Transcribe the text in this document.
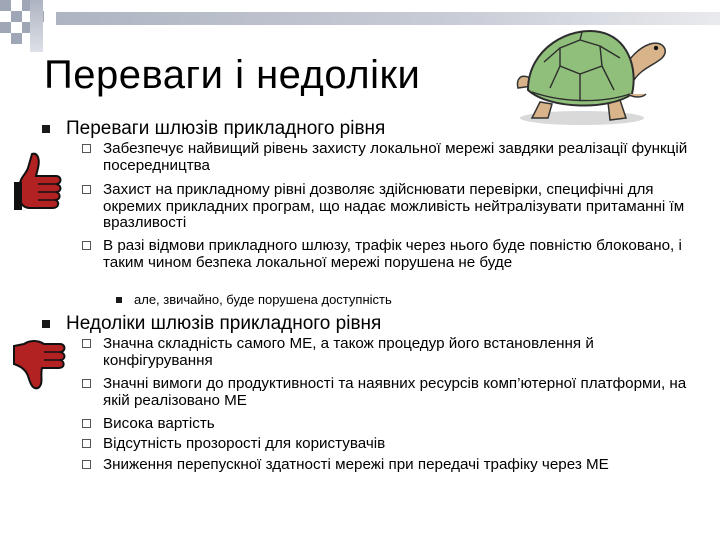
Переваги і недоліки
Переваги шлюзів прикладного рівня
Забезпечує найвищий рівень захисту локальної мережі завдяки реалізації функцій посередництва
Захист на прикладному рівні дозволяє здійснювати перевірки, специфічні для окремих прикладних програм, що надає можливість нейтралізувати притаманні їм вразливості
В разі відмови прикладного шлюзу, трафік через нього буде повністю блоковано, і таким чином безпека локальної мережі порушена не буде
але, звичайно, буде порушена доступність
Недоліки шлюзів прикладного рівня
Значна складність самого МЕ, а також процедур його встановлення й конфігурування
Значні вимоги до продуктивності та наявних ресурсів комп’ютерної платформи, на якій реалізовано МЕ
Висока вартість
Відсутність прозорості для користувачів
Зниження перепускної здатності мережі при передачі трафіку через МЕ
